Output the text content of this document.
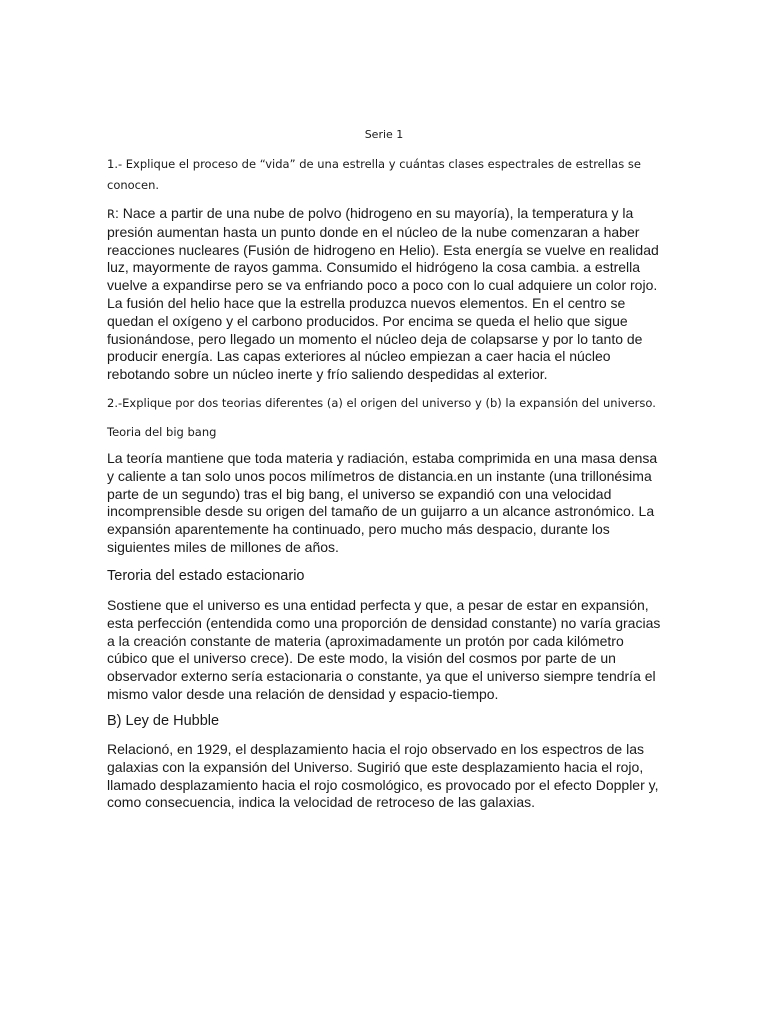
Serie 1
1.- Explique el proceso de “vida” de una estrella y cuántas clases espectrales de estrellas se conocen.
R: Nace a partir de una nube de polvo (hidrogeno en su mayoría), la temperatura y la presión aumentan hasta un punto donde en el núcleo de la nube comenzaran a haber reacciones nucleares (Fusión de hidrogeno en Helio). Esta energía se vuelve en realidad luz, mayormente de rayos gamma. Consumido el hidrógeno la cosa cambia. a estrella vuelve a expandirse pero se va enfriando poco a poco con lo cual adquiere un color rojo. La fusión del helio hace que la estrella produzca nuevos elementos. En el centro se quedan el oxígeno y el carbono producidos. Por encima se queda el helio que sigue fusionándose, pero llegado un momento el núcleo deja de colapsarse y por lo tanto de producir energía. Las capas exteriores al núcleo empiezan a caer hacia el núcleo rebotando sobre un núcleo inerte y frío saliendo despedidas al exterior.
2.-Explique por dos teorias diferentes (a) el origen del universo y (b) la expansión del universo.
Teoria del big bang
La teoría mantiene que toda materia y radiación, estaba comprimida en una masa densa y caliente a tan solo unos pocos milímetros de distancia.en un instante (una trillonésima parte de un segundo) tras el big bang, el universo se expandió con una velocidad incomprensible desde su origen del tamaño de un guijarro a un alcance astronómico. La expansión aparentemente ha continuado, pero mucho más despacio, durante los siguientes miles de millones de años.
Teroria del estado estacionario
Sostiene que el universo es una entidad perfecta y que, a pesar de estar en expansión, esta perfección (entendida como una proporción de densidad constante) no varía gracias a la creación constante de materia (aproximadamente un protón por cada kilómetro cúbico que el universo crece). De este modo, la visión del cosmos por parte de un observador externo sería estacionaria o constante, ya que el universo siempre tendría el mismo valor desde una relación de densidad y espacio-tiempo.
B) Ley de Hubble
Relacionó, en 1929, el desplazamiento hacia el rojo observado en los espectros de las galaxias con la expansión del Universo. Sugirió que este desplazamiento hacia el rojo, llamado desplazamiento hacia el rojo cosmológico, es provocado por el efecto Doppler y, como consecuencia, indica la velocidad de retroceso de las galaxias.
